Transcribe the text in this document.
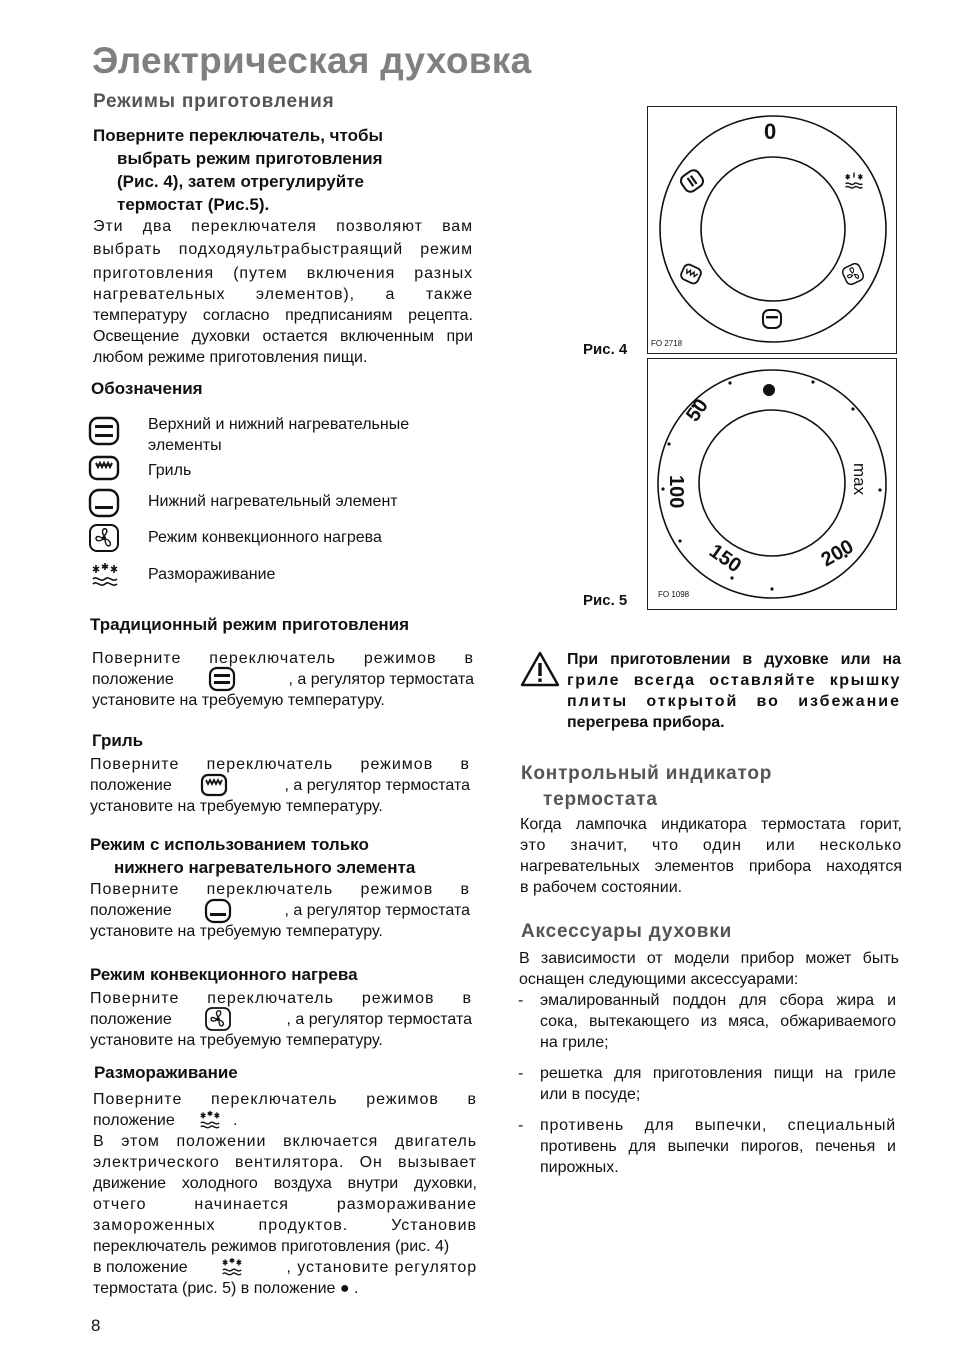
Электрическая духовка
Режимы приготовления
Поверните переключатель, чтобы
выбрать режим приготовления
(Рис. 4), затем отрегулируйте
термостат (Рис.5).
Эти два переключателя позволяют вам
выбрать подходяультрабыстраящий режим
приготовления (путем включения разных
нагревательных элементов), а также
температуру согласно предписаниям рецепта.
Освещение духовки остается включенным при
любом режиме приготовления пищи.
Обозначения
Верхний и нижний нагревательные
элементы
Гриль
Нижний нагревательный элемент
Режим конвекционного нагрева
Размораживание
Традиционный режим приготовления
Поверните переключатель режимов в
положение	, а регулятор термостата
установите на требуемую температуру.
Гриль
Поверните переключатель режимов в
положение	, а регулятор термостата
установите на требуемую температуру.
Режим с использованием только
нижнего нагревательного элемента
Поверните переключатель режимов в
положение	, а регулятор термостата
установите на требуемую температуру.
Режим конвекционного нагрева
Поверните переключатель режимов в
положение	, а регулятор термостата
установите на требуемую температуру.
Размораживание
Поверните переключатель режимов в
положение	.
В этом положении включается двигатель
электрического вентилятора. Он вызывает
движение холодного воздуха внутри духовки,
отчего начинается размораживание
замороженных продуктов. Установив
переключатель режимов приготовления (рис. 4)
в положение	, установите регулятор
термостата (рис. 5) в положение ● .
8
0
FO 2718
Рис. 4
50
100
150	200
max
FO 1098
Рис. 5
При приготовлении в духовке или на
гриле всегда оставляйте крышку
плиты открытой во избежание
перегрева прибора.
Контрольный индикатор
термостата
Когда лампочка индикатора термостата горит,
это значит, что один или несколько
нагревательных элементов прибора находятся
в рабочем состоянии.
Аксессуары духовки
В зависимости от модели прибор может быть
оснащен следующими аксессуарами:
- эмалированный поддон для сбора жира и
сока, вытекающего из мяса, обжариваемого
на гриле;
- решетка для приготовления пищи на гриле
или в посуде;
- противень для выпечки, специальный
противень для выпечки пирогов, печенья и
пирожных.
